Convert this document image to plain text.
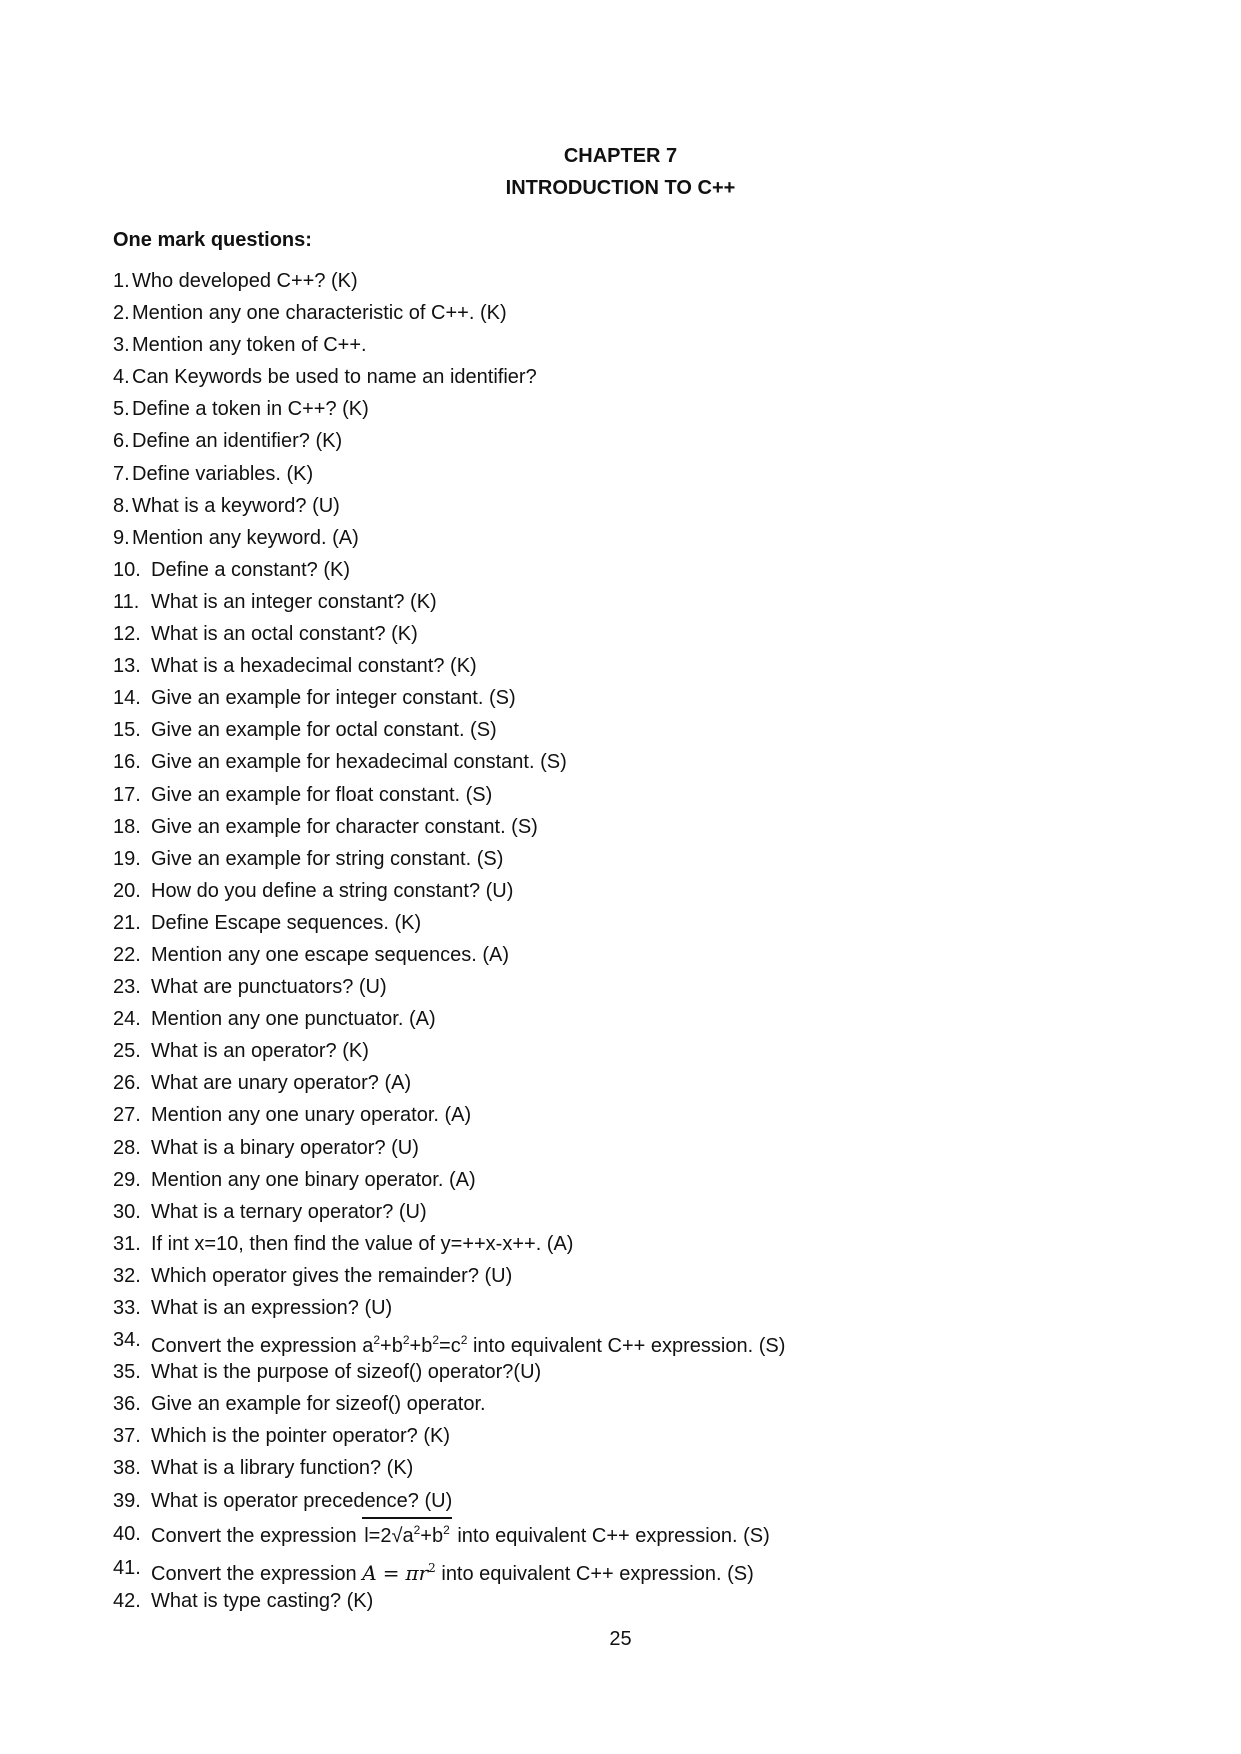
CHAPTER 7
INTRODUCTION TO C++
One mark questions:
1. Who developed C++? (K)
2. Mention any one characteristic of C++. (K)
3. Mention any token of C++.
4. Can Keywords be used to name an identifier?
5. Define a token in C++? (K)
6. Define an identifier? (K)
7. Define variables. (K)
8. What is a keyword? (U)
9. Mention any keyword. (A)
10. Define a constant? (K)
11. What is an integer constant? (K)
12. What is an octal constant? (K)
13. What is a hexadecimal constant? (K)
14. Give an example for integer constant. (S)
15. Give an example for octal constant. (S)
16. Give an example for hexadecimal constant. (S)
17. Give an example for float constant. (S)
18. Give an example for character constant. (S)
19. Give an example for string constant. (S)
20. How do you define a string constant? (U)
21. Define Escape sequences. (K)
22. Mention any one escape sequences. (A)
23. What are punctuators? (U)
24. Mention any one punctuator. (A)
25. What is an operator? (K)
26. What are unary operator? (A)
27. Mention any one unary operator. (A)
28. What is a binary operator? (U)
29. Mention any one binary operator. (A)
30. What is a ternary operator? (U)
31. If int x=10, then find the value of y=++x-x++. (A)
32. Which operator gives the remainder? (U)
33. What is an expression? (U)
34. Convert the expression $a^2+b^2+b^2=c^2$ into equivalent C++ expression. (S)
35. What is the purpose of sizeof() operator?(U)
36. Give an example for sizeof() operator.
37. Which is the pointer operator? (K)
38. What is a library function? (K)
39. What is operator precedence? (U)
40. Convert the expression $l=2√a^2+b^2$ into equivalent C++ expression. (S)
41. Convert the expression $A = \pi r^2$ into equivalent C++ expression. (S)
42. What is type casting? (K)
25
